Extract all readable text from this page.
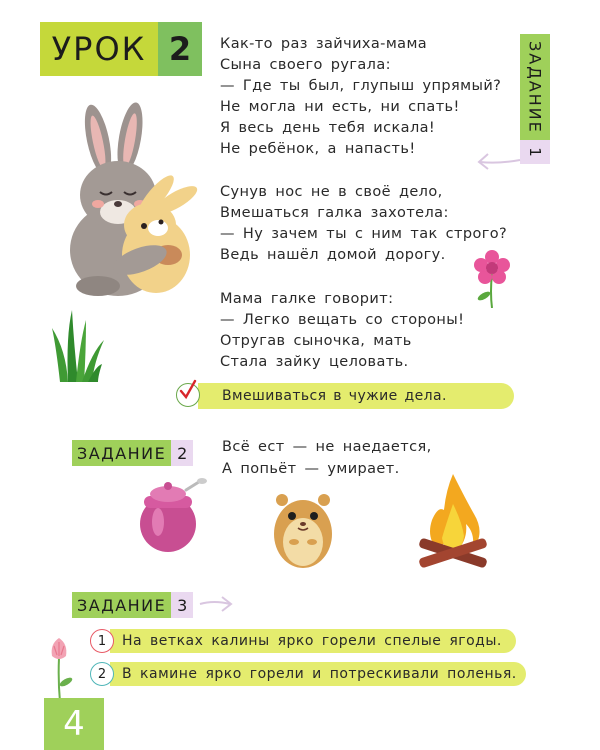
УРОК 2	ЗАДАНИЕ
1
Как-то раз зайчиха-мама
Сына своего ругала:
— Где ты был, глупыш упрямый?
Не могла ни есть, ни спать!
Я весь день тебя искала!
Не ребёнок, а напасть!
Сунув нос не в своё дело,
Вмешаться галка захотела:
— Ну зачем ты с ним так строго?
Ведь нашёл домой дорогу.
Мама галке говорит:
— Легко вещать со стороны!
Отругав сыночка, мать
Стала зайку целовать.
Вмешиваться в чужие дела.
ЗАДАНИЕ 2	Всё ест — не наедается,
А попьёт — умирает.
ЗАДАНИЕ 3
1	На ветках калины ярко горели спелые ягоды.
2	В камине ярко горели и потрескивали поленья.
4
